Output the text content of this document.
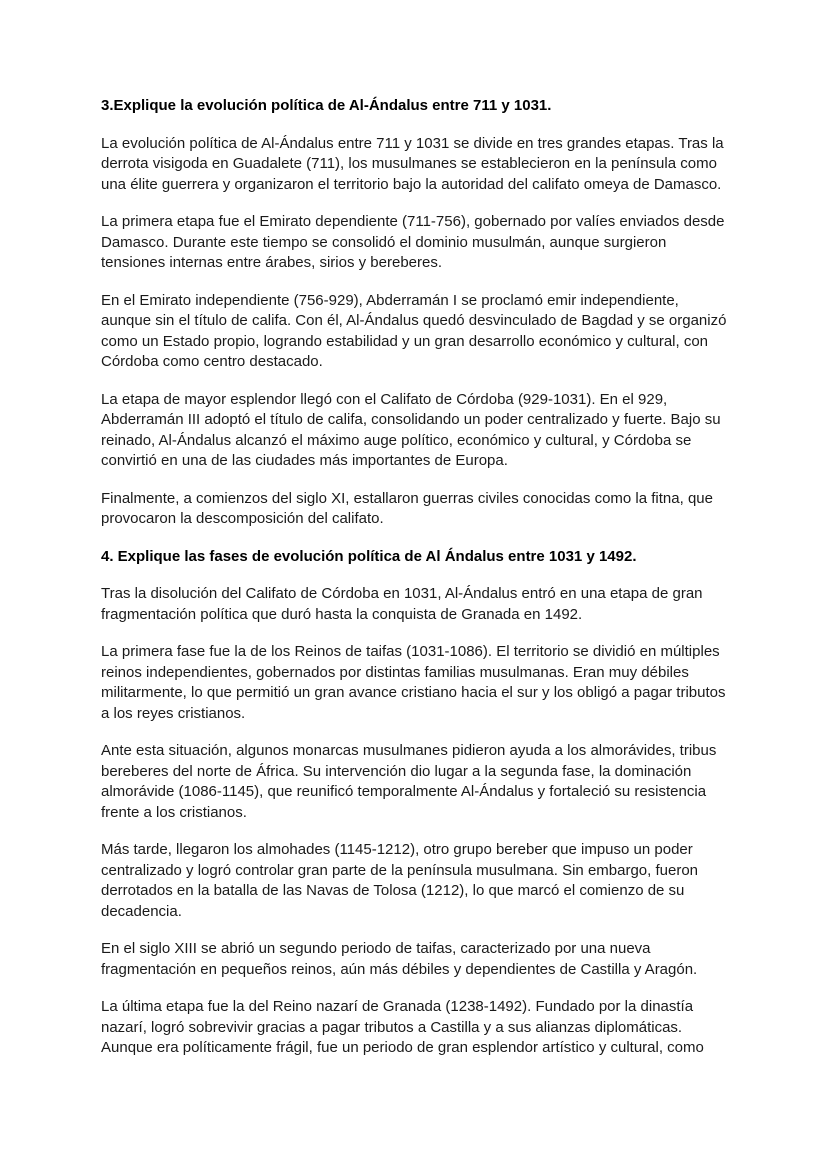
3.Explique la evolución política de Al-Ándalus entre 711 y 1031.

La evolución política de Al-Ándalus entre 711 y 1031 se divide en tres grandes etapas. Tras la derrota visigoda en Guadalete (711), los musulmanes se establecieron en la península como una élite guerrera y organizaron el territorio bajo la autoridad del califato omeya de Damasco.

La primera etapa fue el Emirato dependiente (711-756), gobernado por valíes enviados desde Damasco. Durante este tiempo se consolidó el dominio musulmán, aunque surgieron tensiones internas entre árabes, sirios y bereberes.

En el Emirato independiente (756-929), Abderramán I se proclamó emir independiente, aunque sin el título de califa. Con él, Al-Ándalus quedó desvinculado de Bagdad y se organizó como un Estado propio, logrando estabilidad y un gran desarrollo económico y cultural, con Córdoba como centro destacado.

La etapa de mayor esplendor llegó con el Califato de Córdoba (929-1031). En el 929, Abderramán III adoptó el título de califa, consolidando un poder centralizado y fuerte. Bajo su reinado, Al-Ándalus alcanzó el máximo auge político, económico y cultural, y Córdoba se convirtió en una de las ciudades más importantes de Europa.

Finalmente, a comienzos del siglo XI, estallaron guerras civiles conocidas como la fitna, que provocaron la descomposición del califato.

4. Explique las fases de evolución política de Al Ándalus entre 1031 y 1492.

Tras la disolución del Califato de Córdoba en 1031, Al-Ándalus entró en una etapa de gran fragmentación política que duró hasta la conquista de Granada en 1492.

La primera fase fue la de los Reinos de taifas (1031-1086). El territorio se dividió en múltiples reinos independientes, gobernados por distintas familias musulmanas. Eran muy débiles militarmente, lo que permitió un gran avance cristiano hacia el sur y los obligó a pagar tributos a los reyes cristianos.

Ante esta situación, algunos monarcas musulmanes pidieron ayuda a los almorávides, tribus bereberes del norte de África. Su intervención dio lugar a la segunda fase, la dominación almorávide (1086-1145), que reunificó temporalmente Al-Ándalus y fortaleció su resistencia frente a los cristianos.

Más tarde, llegaron los almohades (1145-1212), otro grupo bereber que impuso un poder centralizado y logró controlar gran parte de la península musulmana. Sin embargo, fueron derrotados en la batalla de las Navas de Tolosa (1212), lo que marcó el comienzo de su decadencia.

En el siglo XIII se abrió un segundo periodo de taifas, caracterizado por una nueva fragmentación en pequeños reinos, aún más débiles y dependientes de Castilla y Aragón.

La última etapa fue la del Reino nazarí de Granada (1238-1492). Fundado por la dinastía nazarí, logró sobrevivir gracias a pagar tributos a Castilla y a sus alianzas diplomáticas. Aunque era políticamente frágil, fue un periodo de gran esplendor artístico y cultural, como
